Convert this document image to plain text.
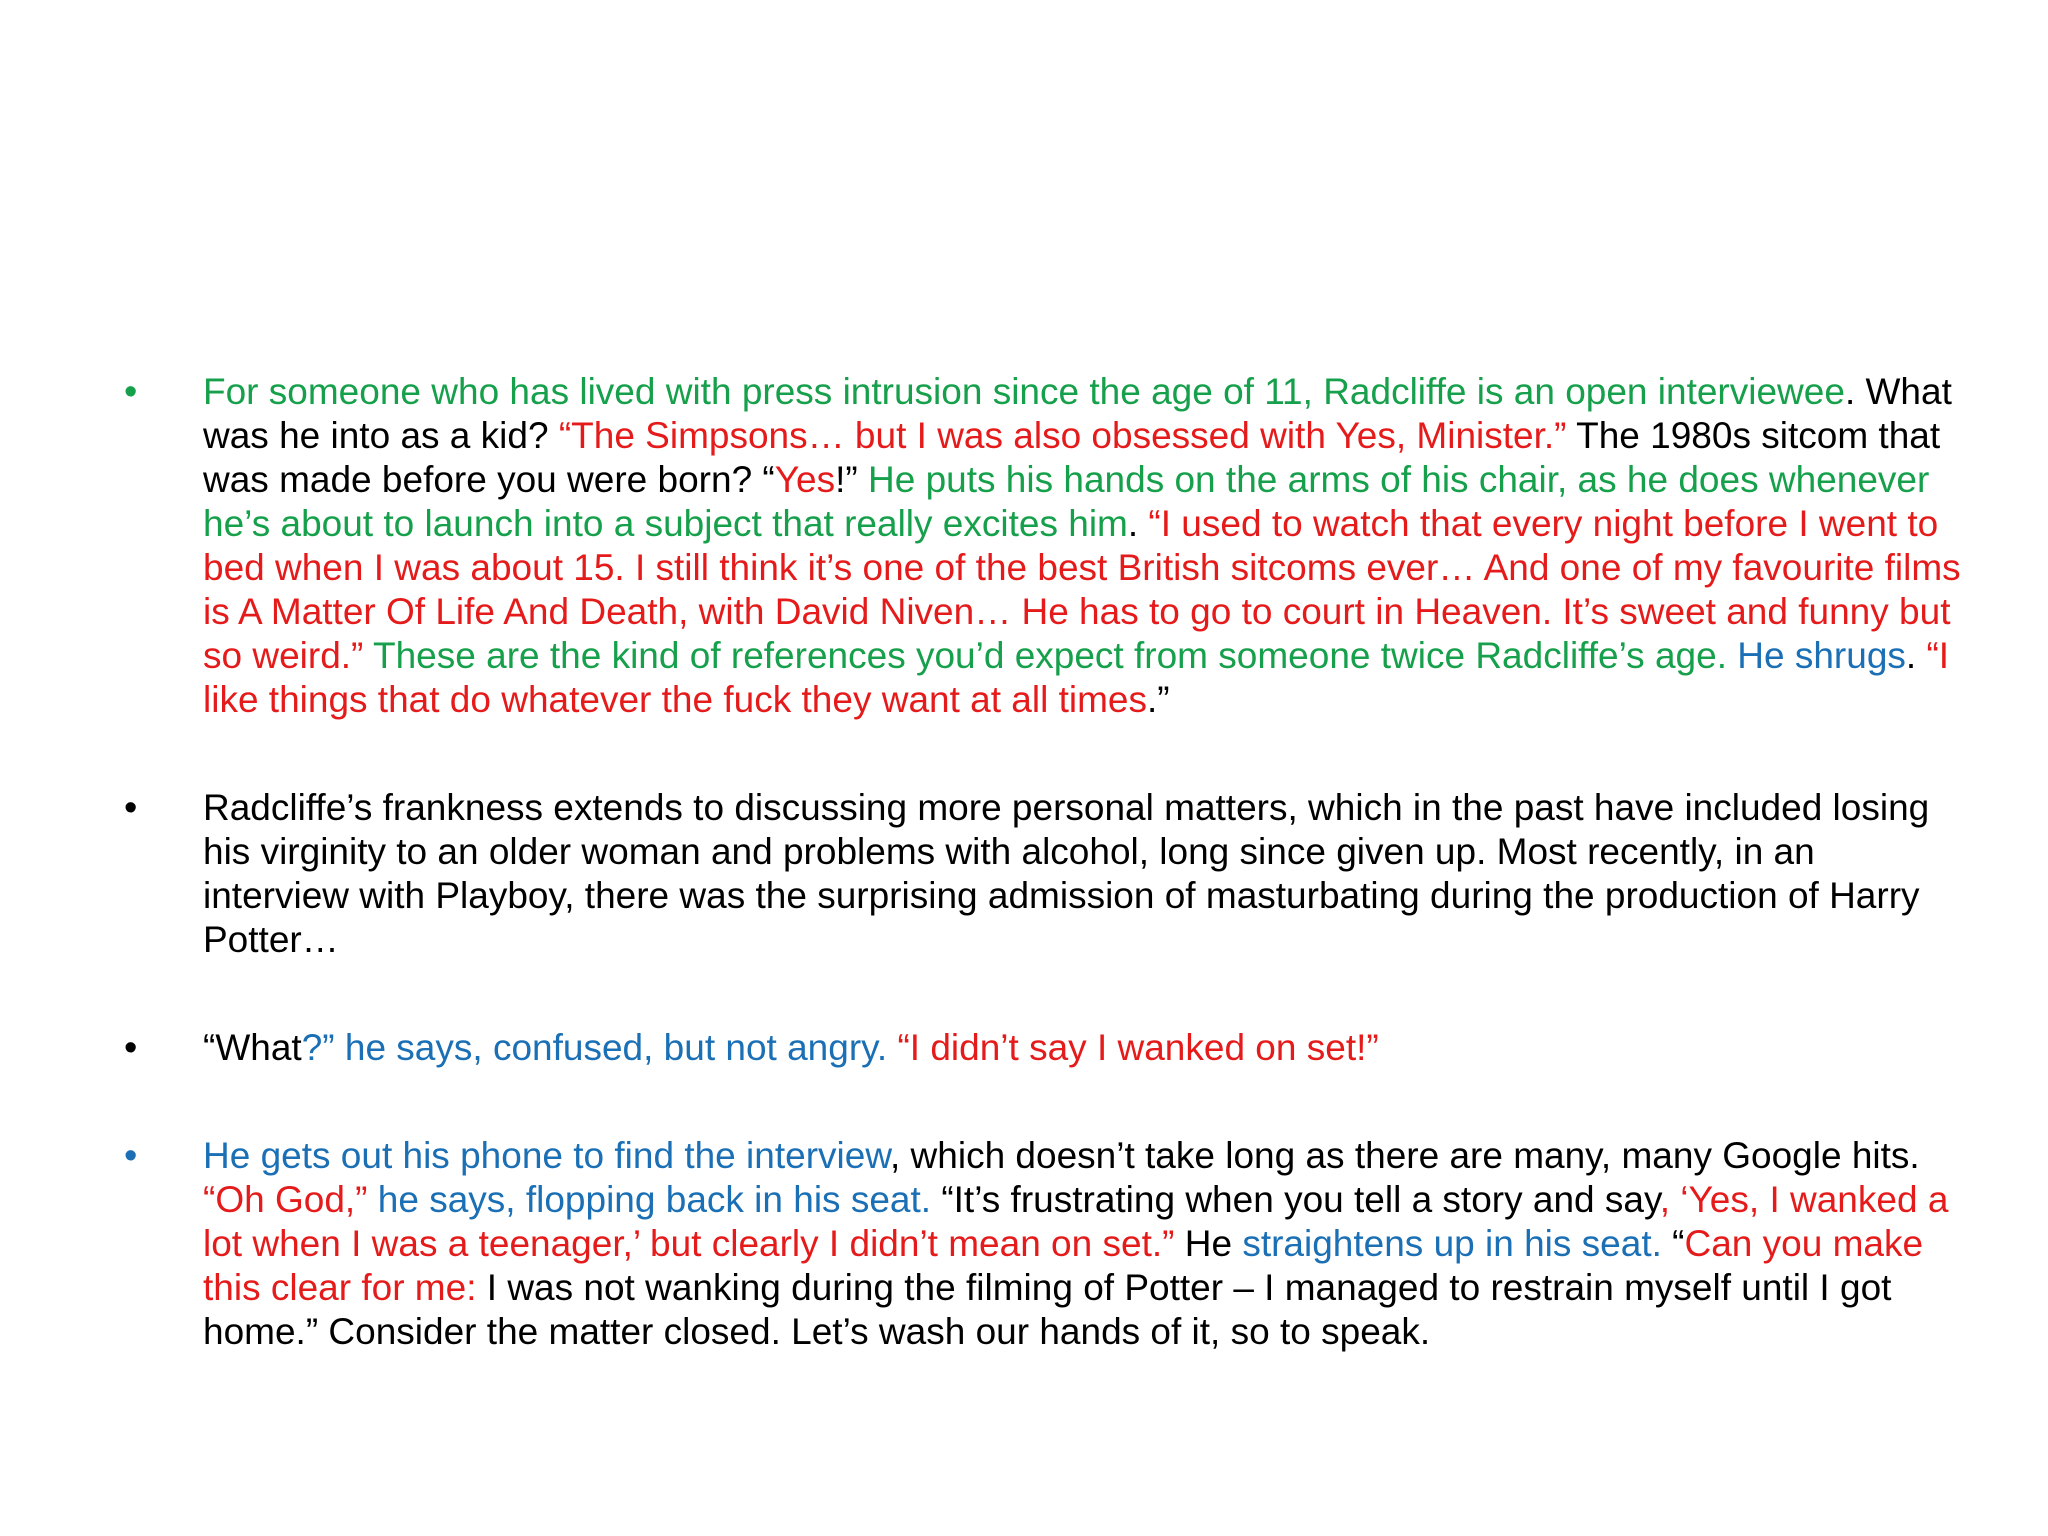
•	For someone who has lived with press intrusion since the age of 11, Radcliffe is an open interviewee. What was he into as a kid? “The Simpsons… but I was also obsessed with Yes, Minister.” The 1980s sitcom that was made before you were born? “Yes!” He puts his hands on the arms of his chair, as he does whenever he’s about to launch into a subject that really excites him. “I used to watch that every night before I went to bed when I was about 15. I still think it’s one of the best British sitcoms ever… And one of my favourite films is A Matter Of Life And Death, with David Niven… He has to go to court in Heaven. It’s sweet and funny but so weird.” These are the kind of references you’d expect from someone twice Radcliffe’s age. He shrugs. “I like things that do whatever the fuck they want at all times.”

•	Radcliffe’s frankness extends to discussing more personal matters, which in the past have included losing his virginity to an older woman and problems with alcohol, long since given up. Most recently, in an interview with Playboy, there was the surprising admission of masturbating during the production of Harry Potter…

•	“What?” he says, confused, but not angry. “I didn’t say I wanked on set!”

•	He gets out his phone to find the interview, which doesn’t take long as there are many, many Google hits. “Oh God,” he says, flopping back in his seat. “It’s frustrating when you tell a story and say, ‘Yes, I wanked a lot when I was a teenager,’ but clearly I didn’t mean on set.” He straightens up in his seat. “Can you make this clear for me: I was not wanking during the filming of Potter – I managed to restrain myself until I got home.” Consider the matter closed. Let’s wash our hands of it, so to speak.
